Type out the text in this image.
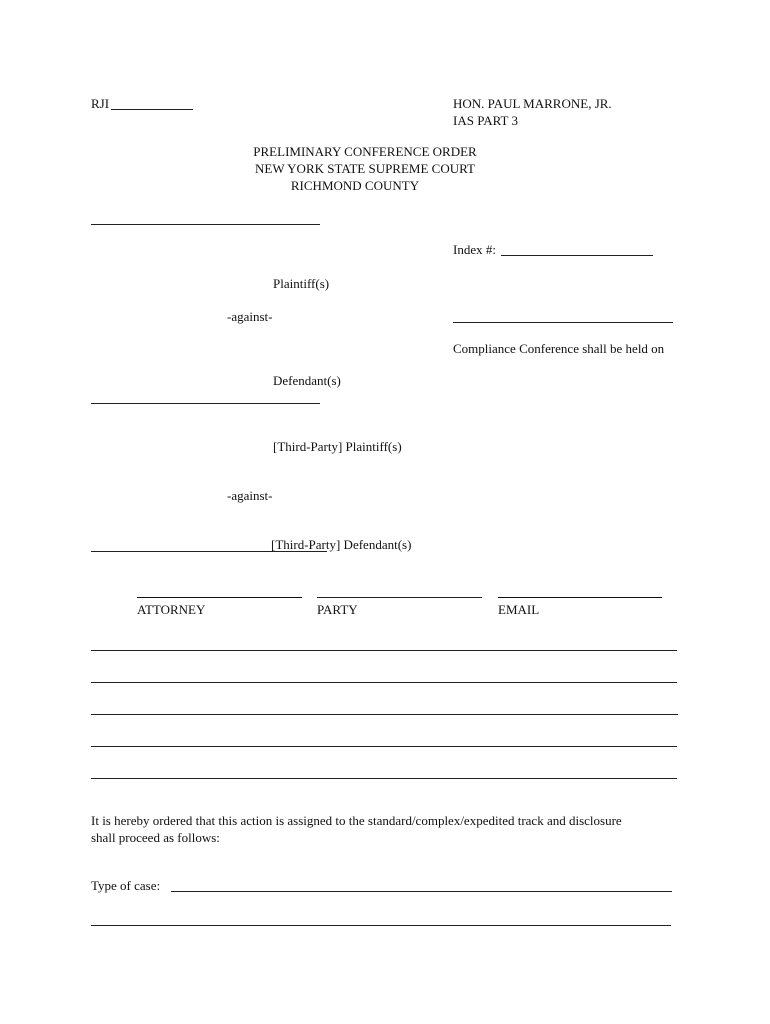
RJI	HON. PAUL MARRONE, JR.
IAS PART 3
PRELIMINARY CONFERENCE ORDER
NEW YORK STATE SUPREME COURT
RICHMOND COUNTY
Index #:
Plaintiff(s)
-against-
Compliance Conference shall be held on
Defendant(s)
[Third-Party] Plaintiff(s)
-against-
[Third-Party] Defendant(s)
ATTORNEY	PARTY	EMAIL
It is hereby ordered that this action is assigned to the standard/complex/expedited track and disclosure
shall proceed as follows:
Type of case:
